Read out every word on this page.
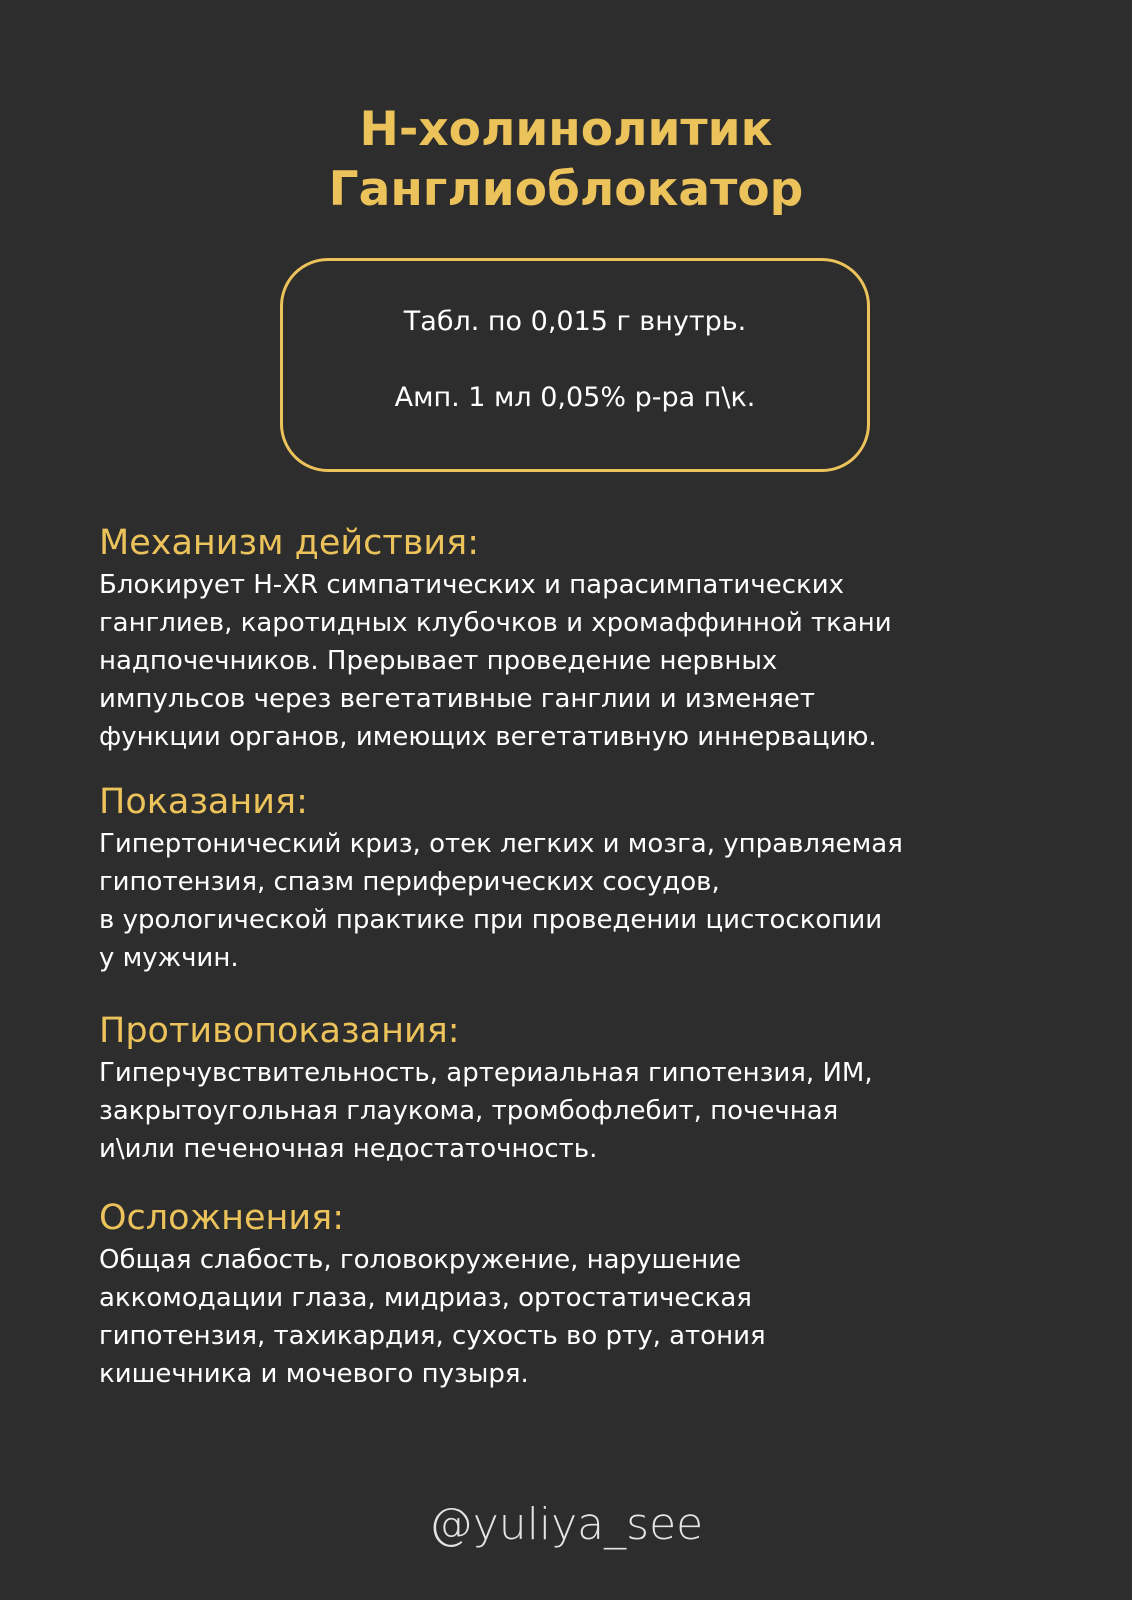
Н-холинолитик
Ганглиоблокатор
Табл. по 0,015 г внутрь.
Амп. 1 мл 0,05% р-ра п\к.
Механизм действия:
Блокирует Н-XR симпатических и парасимпатических
ганглиев, каротидных клубочков и хромаффинной ткани
надпочечников. Прерывает проведение нервных
импульсов через вегетативные ганглии и изменяет
функции органов, имеющих вегетативную иннервацию.
Показания:
Гипертонический криз, отек легких и мозга, управляемая
гипотензия, спазм периферических сосудов,
в урологической практике при проведении цистоскопии
у мужчин.
Противопоказания:
Гиперчувствительность, артериальная гипотензия, ИМ,
закрытоугольная глаукома, тромбофлебит, почечная
и\или печеночная недостаточность.
Осложнения:
Общая слабость, головокружение, нарушение
аккомодации глаза, мидриаз, ортостатическая
гипотензия, тахикардия, сухость во рту, атония
кишечника и мочевого пузыря.
@yuliya_see
